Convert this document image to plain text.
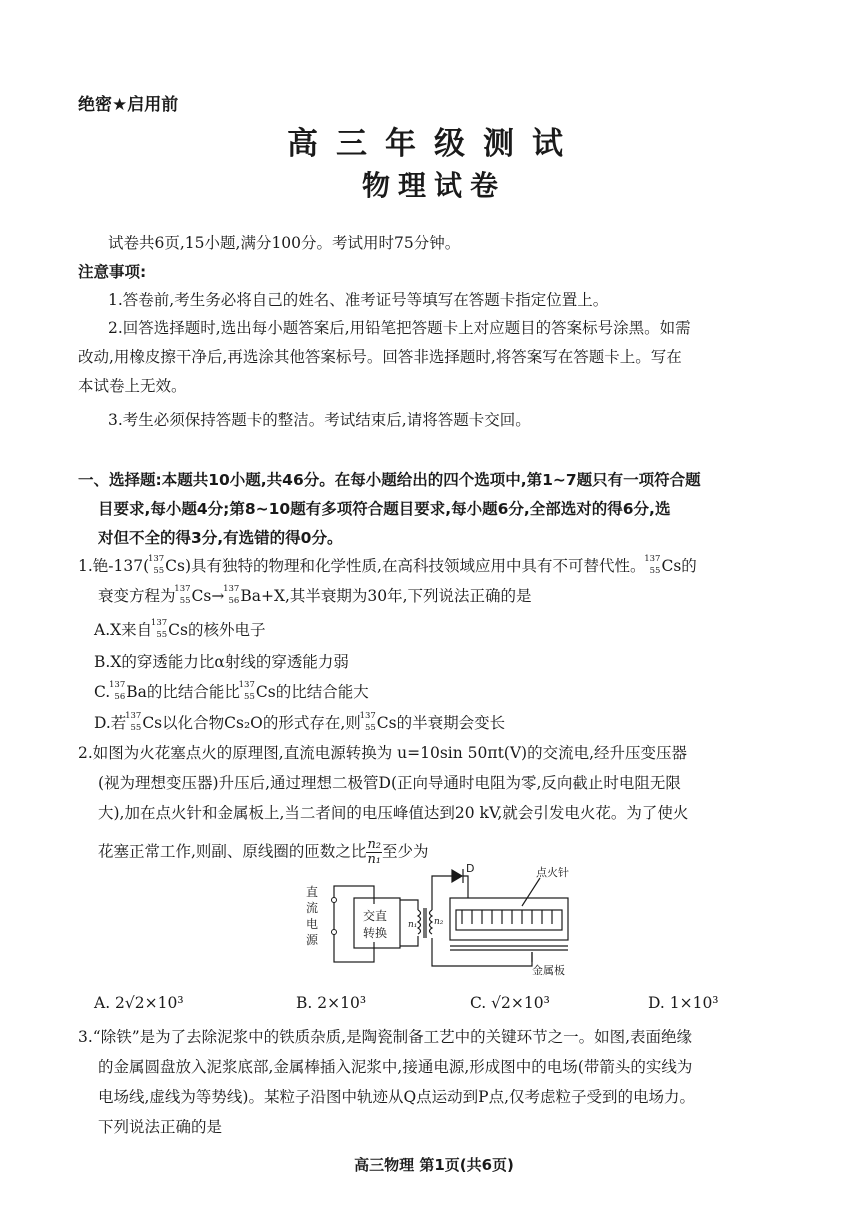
绝密★启用前
高三年级测试
物理试卷
试卷共6页,15小题,满分100分。考试用时75分钟。
注意事项:
1.答卷前,考生务必将自己的姓名、准考证号等填写在答题卡指定位置上。
2.回答选择题时,选出每小题答案后,用铅笔把答题卡上对应题目的答案标号涂黑。如需
改动,用橡皮擦干净后,再选涂其他答案标号。回答非选择题时,将答案写在答题卡上。写在
本试卷上无效。
3.考生必须保持答题卡的整洁。考试结束后,请将答题卡交回。
一、选择题:本题共10小题,共46分。在每小题给出的四个选项中,第1~7题只有一项符合题
目要求,每小题4分;第8~10题有多项符合题目要求,每小题6分,全部选对的得6分,选
对但不全的得3分,有选错的得0分。
1.铯-137(
137
55 Cs)具有独特的物理和化学性质,在高科技领域应用中具有不可替代性。
137
55 Cs的
衰变方程为
137
55 Cs→
137
56 Ba+X,其半衰期为30年,下列说法正确的是
A.X来自
137
55 Cs的核外电子
B.X的穿透能力比α射线的穿透能力弱
C.
137
56 Ba的比结合能比
137
55 Cs的比结合能大
D.若
137
55 Cs以化合物Cs₂O的形式存在,则
137
55 Cs的半衰期会变长
2.如图为火花塞点火的原理图,直流电源转换为 u=10sin 50πt(V)的交流电,经升压变压器
(视为理想变压器)升压后,通过理想二极管D(正向导通时电阻为零,反向截止时电阻无限
大),加在点火针和金属板上,当二者间的电压峰值达到20 kV,就会引发电火花。为了使火
花塞正常工作,则副、原线圈的匝数之比 $\frac{\text{n₂}}{\text{n₁}}$ 至少为
直
流
电
源
交直
转换
n₁ n₂
D	点火针
金属板
A. 2√2×10³	B. 2×10³	C. √2×10³	D. 1×10³
3.“除铁”是为了去除泥浆中的铁质杂质,是陶瓷制备工艺中的关键环节之一。如图,表面绝缘
的金属圆盘放入泥浆底部,金属棒插入泥浆中,接通电源,形成图中的电场(带箭头的实线为
电场线,虚线为等势线)。某粒子沿图中轨迹从Q点运动到P点,仅考虑粒子受到的电场力。
下列说法正确的是
高三物理 第1页(共6页)
